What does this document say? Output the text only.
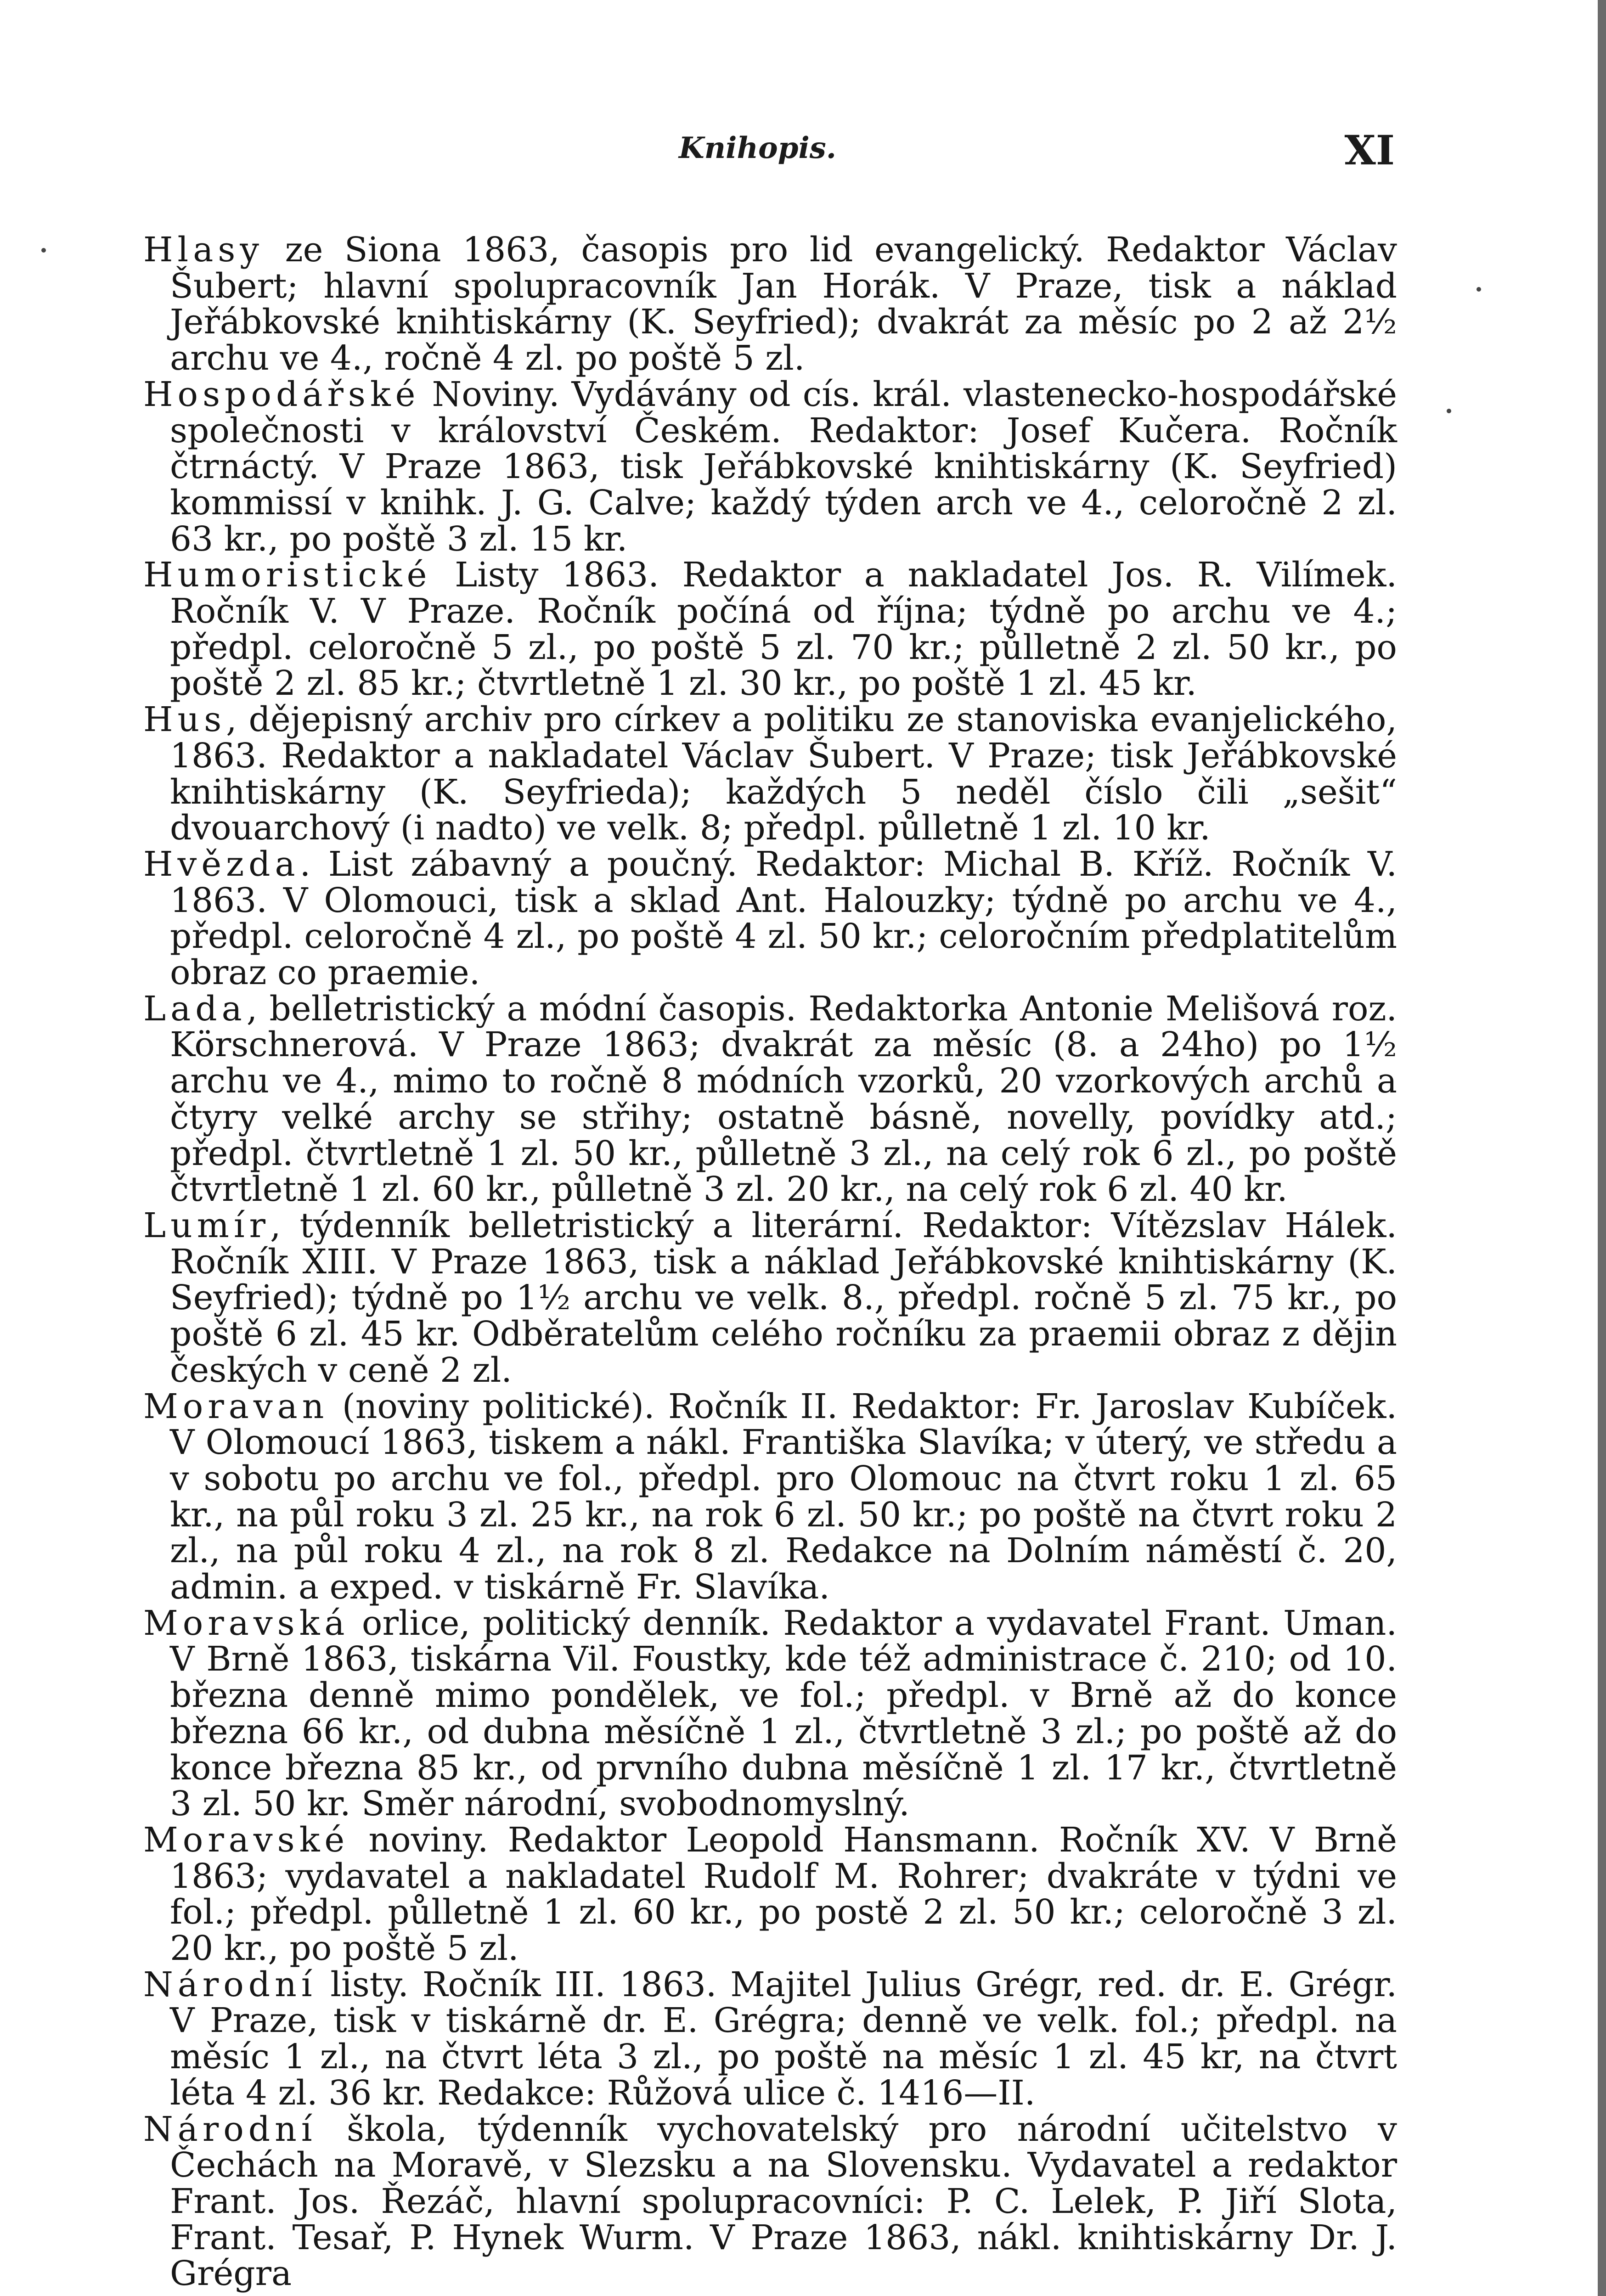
Knihopis.	XI

Hlasy ze Siona 1863, časopis pro lid evangelický. Redaktor Václav Šubert; hlavní spolupracovník Jan Horák. V Praze, tisk a náklad Jeřábkovské knihtiskárny (K. Seyfried); dvakrát za měsíc po 2 až 2½ archu ve 4., ročně 4 zl. po poště 5 zl.

Hospodářské Noviny. Vydávány od cís. král. vlastenecko-hospodářské společnosti v království Českém. Redaktor: Josef Kučera. Ročník čtrnáctý. V Praze 1863, tisk Jeřábkovské knihtiskárny (K. Seyfried) kommissí v knihk. J. G. Calve; každý týden arch ve 4., celoročně 2 zl. 63 kr., po poště 3 zl. 15 kr.

Humoristické Listy 1863. Redaktor a nakladatel Jos. R. Vilímek. Ročník V. V Praze. Ročník počíná od října; týdně po archu ve 4.; předpl. celoročně 5 zl., po poště 5 zl. 70 kr.; půlletně 2 zl. 50 kr., po poště 2 zl. 85 kr.; čtvrtletně 1 zl. 30 kr., po poště 1 zl. 45 kr.

Hus, dějepisný archiv pro církev a politiku ze stanoviska evanjelického, 1863. Redaktor a nakladatel Václav Šubert. V Praze; tisk Jeřábkovské knihtiskárny (K. Seyfrieda); každých 5 neděl číslo čili „sešit“ dvouarchový (i nadto) ve velk. 8; předpl. půlletně 1 zl. 10 kr.

Hvězda. List zábavný a poučný. Redaktor: Michal B. Kříž. Ročník V. 1863. V Olomouci, tisk a sklad Ant. Halouzky; týdně po archu ve 4., předpl. celoročně 4 zl., po poště 4 zl. 50 kr.; celoročním předplatitelům obraz co praemie.

Lada, belletristický a módní časopis. Redaktorka Antonie Melišová roz. Körschnerová. V Praze 1863; dvakrát za měsíc (8. a 24ho) po 1½ archu ve 4., mimo to ročně 8 módních vzorků, 20 vzorkových archů a čtyry velké archy se střihy; ostatně básně, novelly, povídky atd.; předpl. čtvrtletně 1 zl. 50 kr., půlletně 3 zl., na celý rok 6 zl., po poště čtvrtletně 1 zl. 60 kr., půlletně 3 zl. 20 kr., na celý rok 6 zl. 40 kr.

Lumír, týdenník belletristický a literární. Redaktor: Vítězslav Hálek. Ročník XIII. V Praze 1863, tisk a náklad Jeřábkovské knihtiskárny (K. Seyfried); týdně po 1½ archu ve velk. 8., předpl. ročně 5 zl. 75 kr., po poště 6 zl. 45 kr. Odběratelům celého ročníku za praemii obraz z dějin českých v ceně 2 zl.

Moravan (noviny politické). Ročník II. Redaktor: Fr. Jaroslav Kubíček. V Olomoucí 1863, tiskem a nákl. Františka Slavíka; v úterý, ve středu a v sobotu po archu ve fol., předpl. pro Olomouc na čtvrt roku 1 zl. 65 kr., na půl roku 3 zl. 25 kr., na rok 6 zl. 50 kr.; po poště na čtvrt roku 2 zl., na půl roku 4 zl., na rok 8 zl. Redakce na Dolním náměstí č. 20, admin. a exped. v tiskárně Fr. Slavíka.

Moravská orlice, politický denník. Redaktor a vydavatel Frant. Uman. V Brně 1863, tiskárna Vil. Foustky, kde též administrace č. 210; od 10. března denně mimo pondělek, ve fol.; předpl. v Brně až do konce března 66 kr., od dubna měsíčně 1 zl., čtvrtletně 3 zl.; po poště až do konce března 85 kr., od prvního dubna měsíčně 1 zl. 17 kr., čtvrtletně 3 zl. 50 kr. Směr národní, svobodnomyslný.

Moravské noviny. Redaktor Leopold Hansmann. Ročník XV. V Brně 1863; vydavatel a nakladatel Rudolf M. Rohrer; dvakráte v týdni ve fol.; předpl. půlletně 1 zl. 60 kr., po postě 2 zl. 50 kr.; celoročně 3 zl. 20 kr., po poště 5 zl.

Národní listy. Ročník III. 1863. Majitel Julius Grégr, red. dr. E. Grégr. V Praze, tisk v tiskárně dr. E. Grégra; denně ve velk. fol.; předpl. na měsíc 1 zl., na čtvrt léta 3 zl., po poště na měsíc 1 zl. 45 kr, na čtvrt léta 4 zl. 36 kr. Redakce: Růžová ulice č. 1416—II.

Národní škola, týdenník vychovatelský pro národní učitelstvo v Čechách na Moravě, v Slezsku a na Slovensku. Vydavatel a redaktor Frant. Jos. Řezáč, hlavní spolupracovníci: P. C. Lelek, P. Jiří Slota, Frant. Tesař, P. Hynek Wurm. V Praze 1863, nákl. knihtiskárny Dr. J. Grégra
